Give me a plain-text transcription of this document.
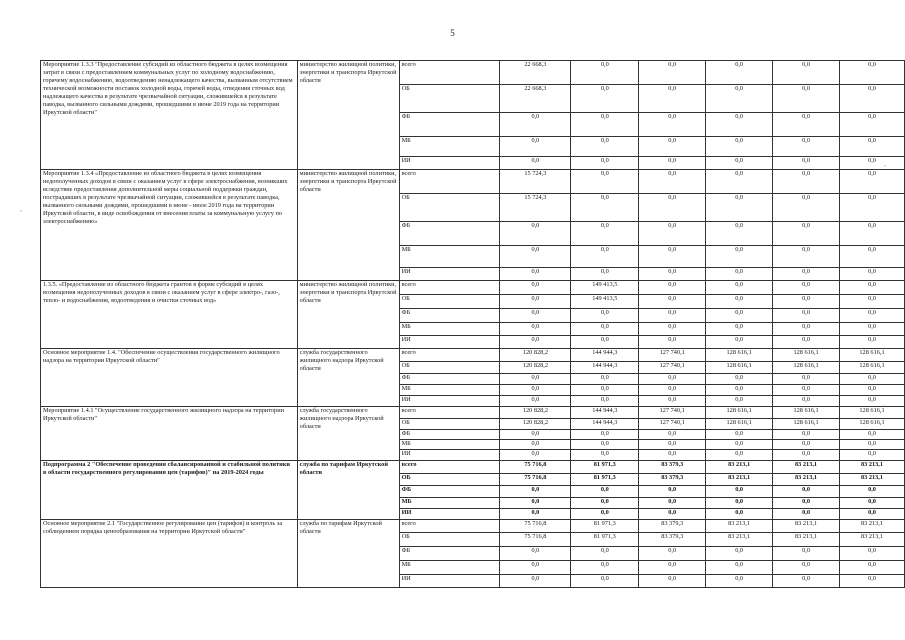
5
Мероприятие 1.3.3 "Предоставление субсидий из областного бюджета в целях возмещения затрат в связи с предоставлением коммунальных услуг по холодному водоснабжению, горячему водоснабжению, водоотведению ненадлежащего качества, вызванным отсутствием технической возможности поставок холодной воды, горячей воды, отведения сточных вод надлежащего качества в результате чрезвычайной ситуации, сложившейся в результате паводка, вызванного сильными дождями, прошедшими в июне 2019 года на территории Иркутской области"	министерство жилищной политики, энергетики и транспорта Иркутской области	всего	22 668,3	0,0	0,0	0,0	0,0	0,0
		ОБ	22 668,3	0,0	0,0	0,0	0,0	0,0
		ФБ	0,0	0,0	0,0	0,0	0,0	0,0
		МБ	0,0	0,0	0,0	0,0	0,0	0,0
		ИИ	0,0	0,0	0,0	0,0	0,0	0,0
Мероприятие 1.3.4 «Предоставление из областного бюджета в целях возмещения недополученных доходов в связи с оказанием услуг в сфере электроснабжения, возникших вследствие предоставления дополнительной меры социальной поддержки граждан, пострадавших в результате чрезвычайной ситуации, сложившейся в результате паводка, вызванного сильными дождями, прошедшими в июне - июле 2019 года на территории Иркутской области, в виде освобождения от внесения платы за коммунальную услугу по электроснабжению»	министерство жилищной политики, энергетики и транспорта Иркутской области	всего	15 724,3	0,0	0,0	0,0	0,0	0,0
		ОБ	15 724,3	0,0	0,0	0,0	0,0	0,0
		ФБ	0,0	0,0	0,0	0,0	0,0	0,0
		МБ	0,0	0,0	0,0	0,0	0,0	0,0
		ИИ	0,0	0,0	0,0	0,0	0,0	0,0
1.3.5. «Предоставление из областного бюджета грантов в форме субсидий в целях возмещения недополученных доходов в связи с оказанием услуг в сфере электро-, газо-, тепло- и водоснабжения, водоотведения и очистки сточных вод»	министерство жилищной политики, энергетики и транспорта Иркутской области	всего	0,0	149 413,5	0,0	0,0	0,0	0,0
		ОБ	0,0	149 413,5	0,0	0,0	0,0	0,0
		ФБ	0,0	0,0	0,0	0,0	0,0	0,0
		МБ	0,0	0,0	0,0	0,0	0,0	0,0
		ИИ	0,0	0,0	0,0	0,0	0,0	0,0
Основное мероприятие 1.4. "Обеспечение осуществления государственного жилищного надзора на территории Иркутской области"	служба государственного жилищного надзора Иркутской области	всего	120 828,2	144 944,3	127 740,1	128 616,1	128 616,1	128 616,1
		ОБ	120 828,2	144 944,3	127 740,1	128 616,1	128 616,1	128 616,1
		ФБ	0,0	0,0	0,0	0,0	0,0	0,0
		МБ	0,0	0,0	0,0	0,0	0,0	0,0
		ИИ	0,0	0,0	0,0	0,0	0,0	0,0
Мероприятие 1.4.1 "Осуществление государственного жилищного надзора на территории Иркутской области"	служба государственного жилищного надзора Иркутской области	всего	120 828,2	144 944,3	127 740,1	128 616,1	128 616,1	128 616,1
		ОБ	120 828,2	144 944,3	127 740,1	128 616,1	128 616,1	128 616,1
		ФБ	0,0	0,0	0,0	0,0	0,0	0,0
		МБ	0,0	0,0	0,0	0,0	0,0	0,0
		ИИ	0,0	0,0	0,0	0,0	0,0	0,0
Подпрограмма 2 "Обеспечение проведения сбалансированной и стабильной политики в области государственного регулирования цен (тарифов)" на 2019-2024 годы	служба по тарифам Иркутской области	всего	75 716,8	81 971,3	83 379,3	83 213,1	83 213,1	83 213,1
		ОБ	75 716,8	81 971,3	83 379,3	83 213,1	83 213,1	83 213,1
		ФБ	0,0	0,0	0,0	0,0	0,0	0,0
		МБ	0,0	0,0	0,0	0,0	0,0	0,0
		ИИ	0,0	0,0	0,0	0,0	0,0	0,0
Основное мероприятие 2.1 "Государственное регулирование цен (тарифов) и контроль за соблюдением порядка ценообразования на территории Иркутской области"	служба по тарифам Иркутской области	всего	75 716,8	81 971,3	83 379,3	83 213,1	83 213,1	83 213,1
		ОБ	75 716,8	81 971,3	83 379,3	83 213,1	83 213,1	83 213,1
		ФБ	0,0	0,0	0,0	0,0	0,0	0,0
		МБ	0,0	0,0	0,0	0,0	0,0	0,0
		ИИ	0,0	0,0	0,0	0,0	0,0	0,0
